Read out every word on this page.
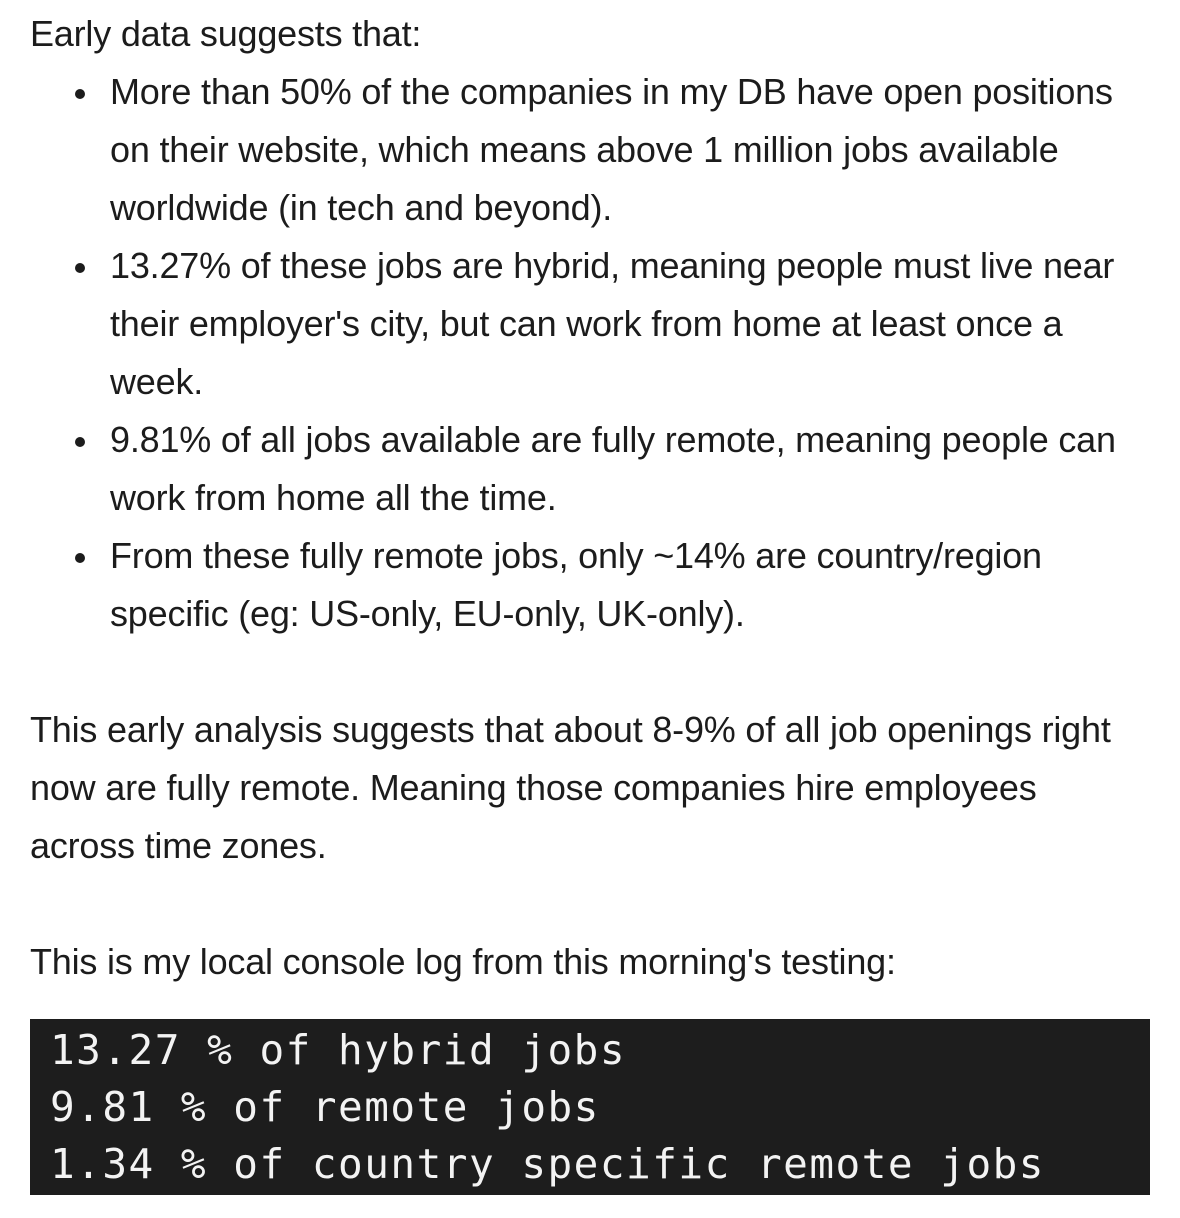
Early data suggests that:

More than 50% of the companies in my DB have open positions on their website, which means above 1 million jobs available worldwide (in tech and beyond).
13.27% of these jobs are hybrid, meaning people must live near their employer's city, but can work from home at least once a week.
9.81% of all jobs available are fully remote, meaning people can work from home all the time.
From these fully remote jobs, only ~14% are country/region specific (eg: US-only, EU-only, UK-only).

This early analysis suggests that about 8-9% of all job openings right now are fully remote. Meaning those companies hire employees across time zones.

This is my local console log from this morning's testing:

13.27 % of hybrid jobs
9.81 % of remote jobs
1.34 % of country specific remote jobs
